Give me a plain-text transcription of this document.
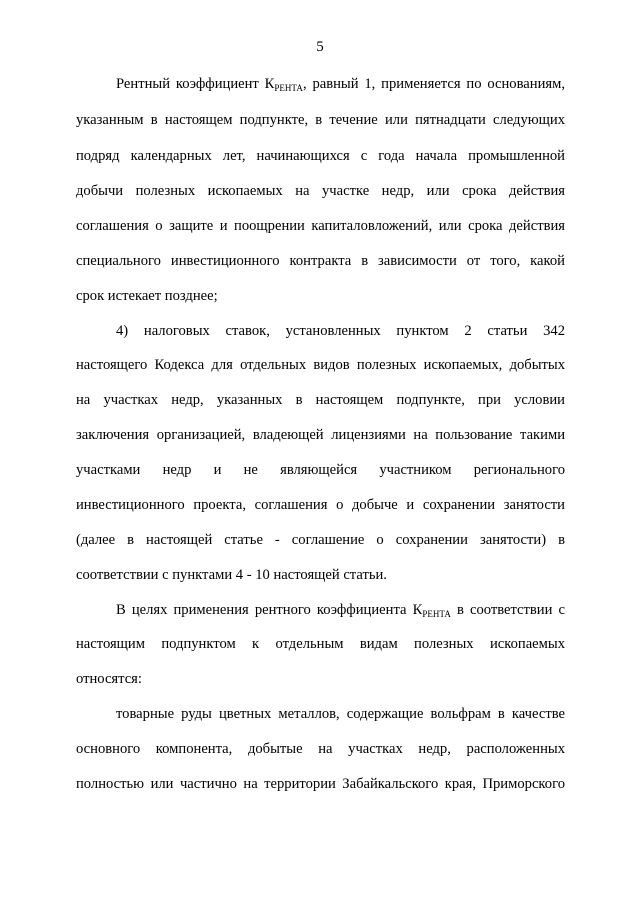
5
Рентный коэффициент $К_{РЕНТА}$, равный 1, применяется по основаниям,
указанным в настоящем подпункте, в течение или пятнадцати следующих
подряд календарных лет, начинающихся с года начала промышленной
добычи полезных ископаемых на участке недр, или срока действия
соглашения о защите и поощрении капиталовложений, или срока действия
специального инвестиционного контракта в зависимости от того, какой
срок истекает позднее;
4) налоговых ставок, установленных пунктом 2 статьи 342
настоящего Кодекса для отдельных видов полезных ископаемых, добытых
на участках недр, указанных в настоящем подпункте, при условии
заключения организацией, владеющей лицензиями на пользование такими
участками недр и не являющейся участником регионального
инвестиционного проекта, соглашения о добыче и сохранении занятости
(далее в настоящей статье - соглашение о сохранении занятости) в
соответствии с пунктами 4 - 10 настоящей статьи.
В целях применения рентного коэффициента $К_{РЕНТА}$ в соответствии с
настоящим подпунктом к отдельным видам полезных ископаемых
относятся:
товарные руды цветных металлов, содержащие вольфрам в качестве
основного компонента, добытые на участках недр, расположенных
полностью или частично на территории Забайкальского края, Приморского
